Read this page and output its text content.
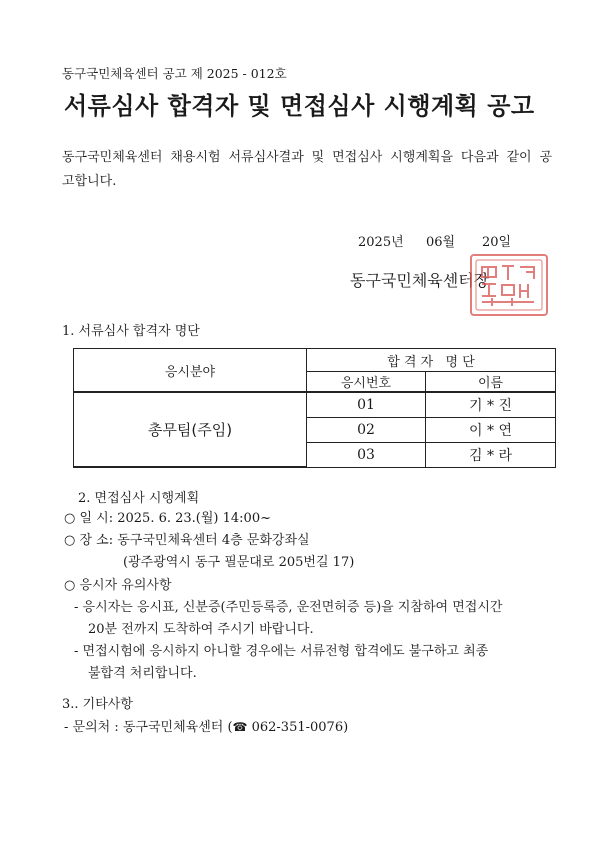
동구국민체육센터 공고 제 2025 - 012호
서류심사 합격자 및 면접심사 시행계획 공고
동구국민체육센터 채용시험 서류심사결과 및 면접심사 시행계획을 다음과 같이 공고합니다.
2025년 06월 20일
동구국민체육센터장
1. 서류심사 합격자 명단
응시분야	합 격 자   명 단	
	응시번호	이름
총무팀(주임)	01	기 * 진
	02	이 * 연
	03	김 * 라
2. 면접심사 시행계획
○ 일 시: 2025. 6. 23.(월) 14:00~
○ 장 소: 동구국민체육센터 4층 문화강좌실
(광주광역시 동구 필문대로 205번길 17)
○ 응시자 유의사항
- 응시자는 응시표, 신분증(주민등록증, 운전면허증 등)을 지참하여 면접시간
20분 전까지 도착하여 주시기 바랍니다.
- 면접시험에 응시하지 아니할 경우에는 서류전형 합격에도 불구하고 최종
불합격 처리합니다.
3.. 기타사항
- 문의처 : 동구국민체육센터 (☎ 062-351-0076)
